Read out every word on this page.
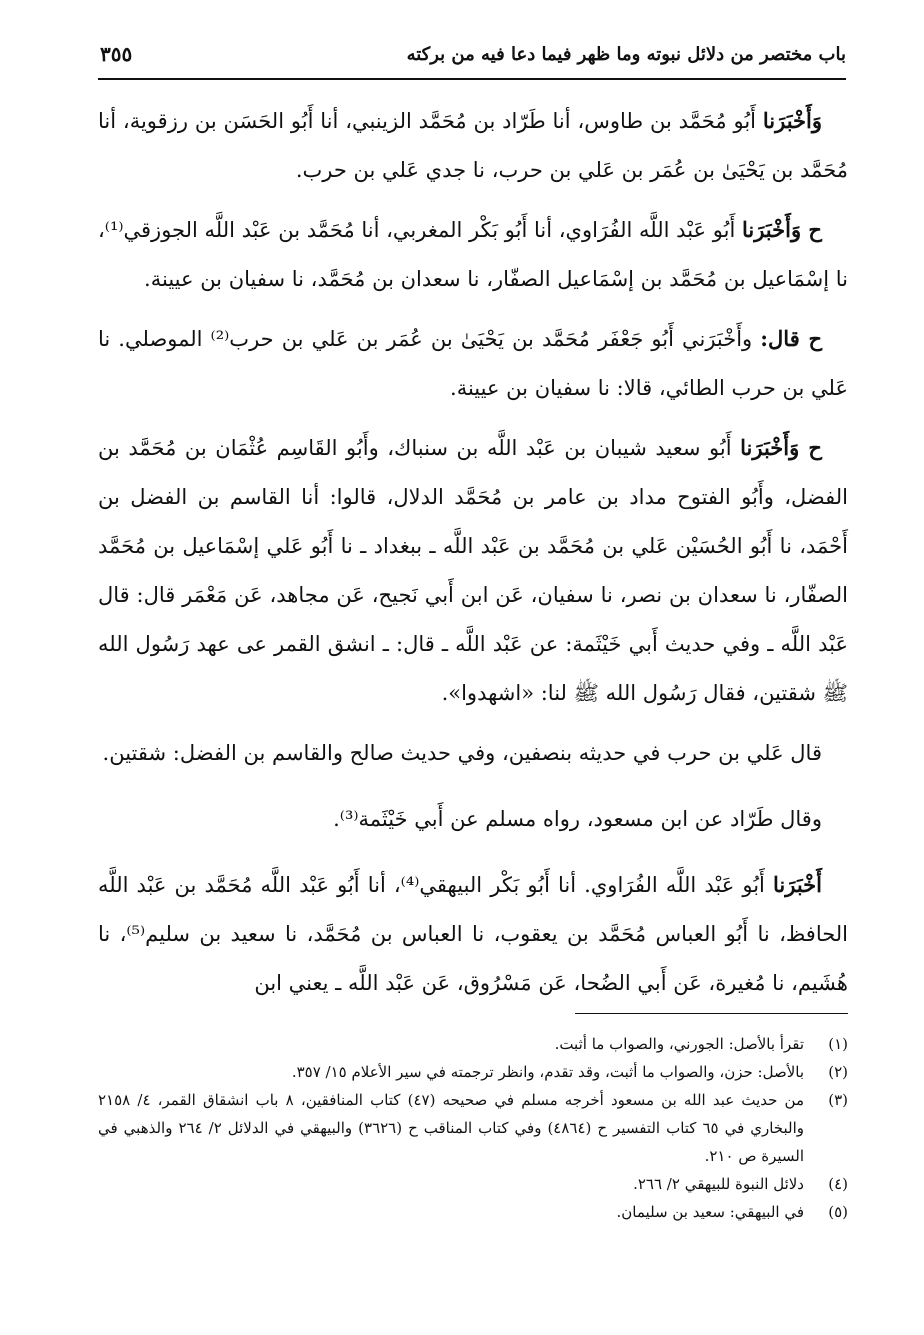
باب مختصر من دلائل نبوته وما ظهر فيما دعا فيه من بركته
٣٥٥

وَأَخْبَرَنا أَبُو مُحَمَّد بن طاوس، أنا طَرّاد بن مُحَمَّد الزينبي، أنا أَبُو الحَسَن بن رزقوية، أنا مُحَمَّد بن يَحْيَىٰ بن عُمَر بن عَلي بن حرب، نا جدي عَلي بن حرب.

ح وَأَخْبَرَنا أَبُو عَبْد اللَّه الفُرَاوي، أنا أَبُو بَكْر المغربي، أنا مُحَمَّد بن عَبْد اللَّه الجوزقي⁽¹⁾، نا إسْمَاعيل بن مُحَمَّد بن إسْمَاعيل الصفّار، نا سعدان بن مُحَمَّد، نا سفيان بن عيينة.

ح قال: وأَخْبَرَني أَبُو جَعْفَر مُحَمَّد بن يَحْيَىٰ بن عُمَر بن عَلي بن حرب⁽²⁾ الموصلي. نا عَلي بن حرب الطائي، قالا: نا سفيان بن عيينة.

ح وَأَخْبَرَنا أَبُو سعيد شيبان بن عَبْد اللَّه بن سنباك، وأَبُو القَاسِم عُثْمَان بن مُحَمَّد بن الفضل، وأَبُو الفتوح مداد بن عامر بن مُحَمَّد الدلال، قالوا: أنا القاسم بن الفضل بن أَحْمَد، نا أَبُو الحُسَيْن عَلي بن مُحَمَّد بن عَبْد اللَّه ـ ببغداد ـ نا أَبُو عَلي إسْمَاعيل بن مُحَمَّد الصفّار، نا سعدان بن نصر، نا سفيان، عَن ابن أَبي نَجيح، عَن مجاهد، عَن مَعْمَر قال: قال عَبْد اللَّه ـ وفي حديث أَبي خَيْثَمة: عن عَبْد اللَّه ـ قال: ـ انشق القمر عى عهد رَسُول الله ﷺ شقتين، فقال رَسُول الله ﷺ لنا: «اشهدوا».

قال عَلي بن حرب في حديثه بنصفين، وفي حديث صالح والقاسم بن الفضل: شقتين.

وقال طَرّاد عن ابن مسعود، رواه مسلم عن أَبي خَيْثَمة⁽³⁾.

أَخْبَرَنا أَبُو عَبْد اللَّه الفُرَاوي. أنا أَبُو بَكْر البيهقي⁽⁴⁾، أنا أَبُو عَبْد اللَّه مُحَمَّد بن عَبْد اللَّه الحافظ، نا أَبُو العباس مُحَمَّد بن يعقوب، نا العباس بن مُحَمَّد، نا سعيد بن سليم⁽⁵⁾، نا هُشَيم، نا مُغيرة، عَن أَبي الضُحا، عَن مَسْرُوق، عَن عَبْد اللَّه ـ يعني ابن

(١)
تقرأ بالأصل: الجورني، والصواب ما أثبت.
(٢)
بالأصل: حزن، والصواب ما أثبت، وقد تقدم، وانظر ترجمته في سير الأعلام ١٥/ ٣٥٧.
(٣)
من حديث عبد الله بن مسعود أخرجه مسلم في صحيحه (٤٧) كتاب المنافقين، ٨ باب انشقاق القمر، ٤/ ٢١٥٨ والبخاري في ٦٥ كتاب التفسير ح (٤٨٦٤) وفي كتاب المناقب ح (٣٦٢٦) والبيهقي في الدلائل ٢/ ٢٦٤ والذهبي في السيرة ص ٢١٠.
(٤)
دلائل النبوة للبيهقي ٢/ ٢٦٦.
(٥)
في البيهقي: سعيد بن سليمان.
